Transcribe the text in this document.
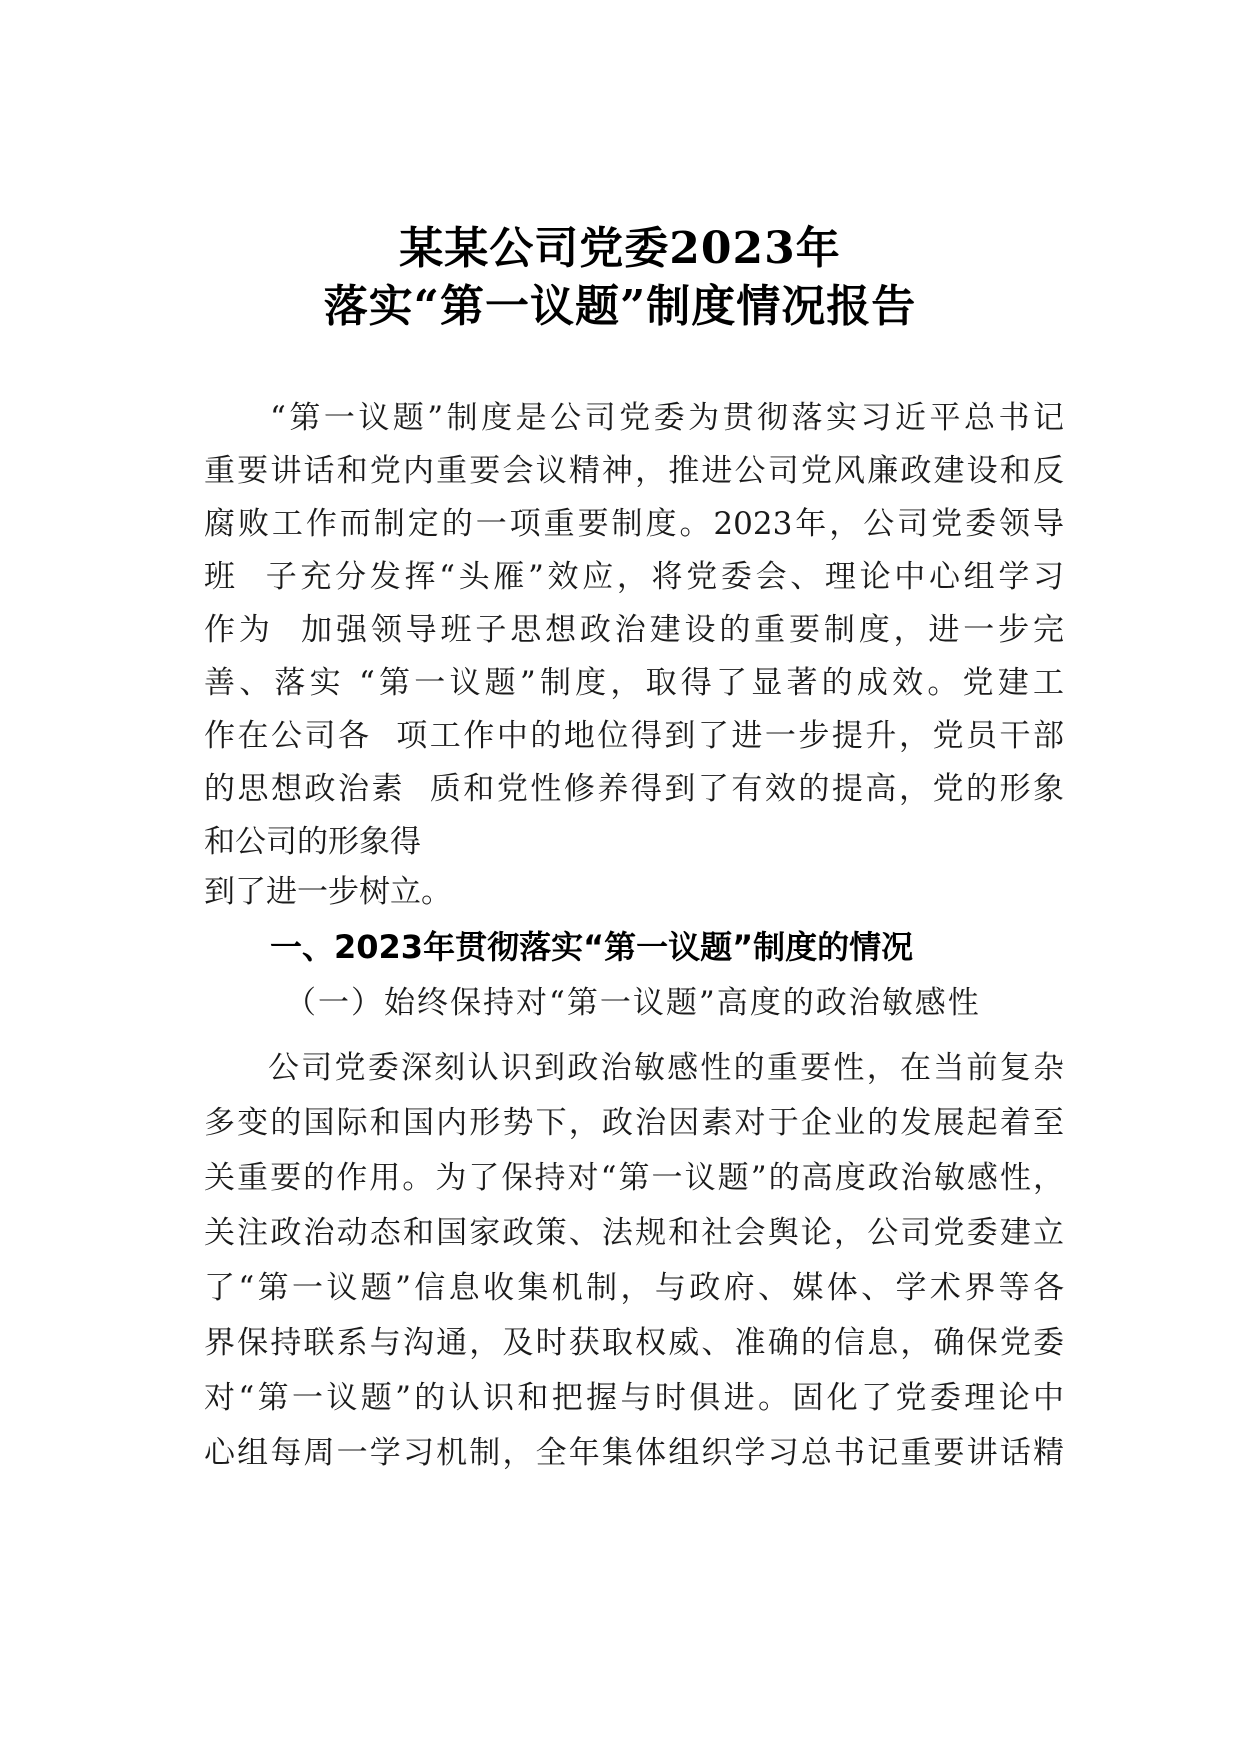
某某公司党委2023年
落实“第一议题”制度情况报告
“第一议题”制度是公司党委为贯彻落实习近平总书记
重要讲话和党内重要会议精神，推进公司党风廉政建设和反
腐败工作而制定的一项重要制度。2023年，公司党委领导
班  子充分发挥“头雁”效应，将党委会、理论中心组学习
作为  加强领导班子思想政治建设的重要制度，进一步完
善、落实 “第一议题”制度，取得了显著的成效。党建工
作在公司各  项工作中的地位得到了进一步提升，党员干部
的思想政治素  质和党性修养得到了有效的提高，党的形象
和公司的形象得
到了进一步树立。
一、2023年贯彻落实“第一议题”制度的情况
（一）始终保持对“第一议题”高度的政治敏感性
公司党委深刻认识到政治敏感性的重要性，在当前复杂
多变的国际和国内形势下，政治因素对于企业的发展起着至
关重要的作用。为了保持对“第一议题”的高度政治敏感性，
关注政治动态和国家政策、法规和社会舆论，公司党委建立
了“第一议题”信息收集机制，与政府、媒体、学术界等各
界保持联系与沟通，及时获取权威、准确的信息，确保党委
对“第一议题”的认识和把握与时俱进。固化了党委理论中
心组每周一学习机制，全年集体组织学习总书记重要讲话精
